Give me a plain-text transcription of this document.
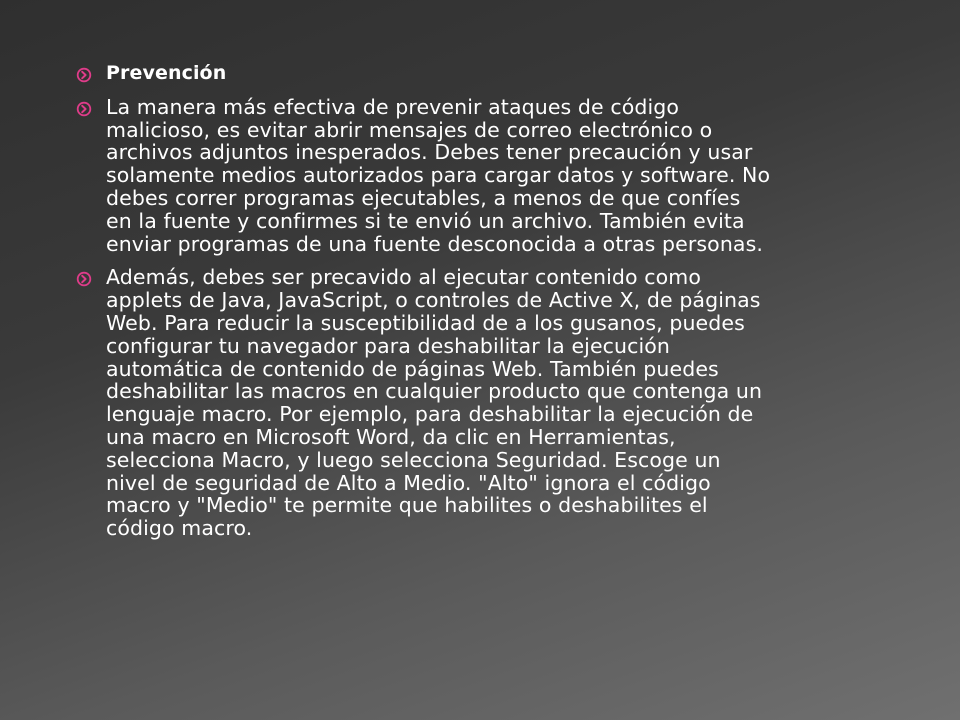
Prevención

La manera más efectiva de prevenir ataques de código
malicioso, es evitar abrir mensajes de correo electrónico o
archivos adjuntos inesperados. Debes tener precaución y usar
solamente medios autorizados para cargar datos y software. No
debes correr programas ejecutables, a menos de que confíes
en la fuente y confirmes si te envió un archivo. También evita
enviar programas de una fuente desconocida a otras personas.

Además, debes ser precavido al ejecutar contenido como
applets de Java, JavaScript, o controles de Active X, de páginas
Web. Para reducir la susceptibilidad de a los gusanos, puedes
configurar tu navegador para deshabilitar la ejecución
automática de contenido de páginas Web. También puedes
deshabilitar las macros en cualquier producto que contenga un
lenguaje macro. Por ejemplo, para deshabilitar la ejecución de
una macro en Microsoft Word, da clic en Herramientas,
selecciona Macro, y luego selecciona Seguridad. Escoge un
nivel de seguridad de Alto a Medio. "Alto" ignora el código
macro y "Medio" te permite que habilites o deshabilites el
código macro.
